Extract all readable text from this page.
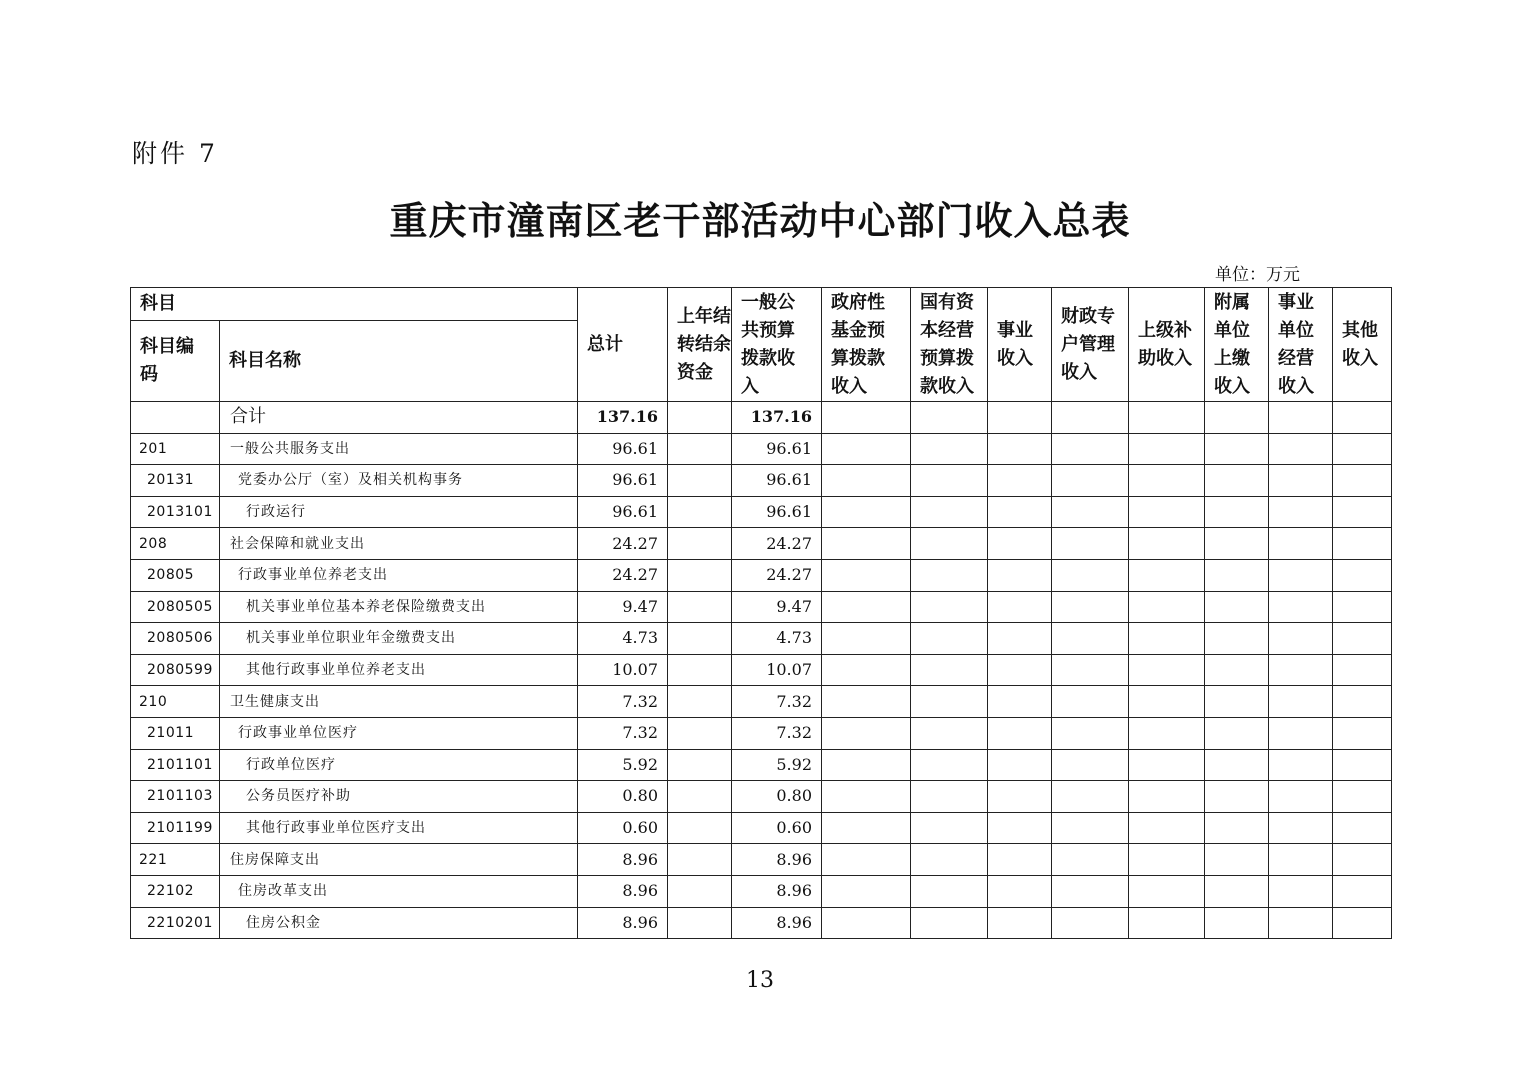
附件 7
重庆市潼南区老干部活动中心部门收入总表
单位：万元
科目		总计	上年结转结余资金	一般公共预算拨款收入	政府性基金预算拨款收入	国有资本经营预算拨款收入	事业收入	财政专户管理收入	上级补助收入	附属单位上缴收入	事业单位经营收入	其他收入

科目编码	科目名称											
	合计	137.16		137.16								
201	一般公共服务支出	96.61		96.61								
20131	党委办公厅（室）及相关机构事务	96.61		96.61								
2013101	行政运行	96.61		96.61								
208	社会保障和就业支出	24.27		24.27								
20805	行政事业单位养老支出	24.27		24.27								
2080505	机关事业单位基本养老保险缴费支出	9.47		9.47								
2080506	机关事业单位职业年金缴费支出	4.73		4.73								
2080599	其他行政事业单位养老支出	10.07		10.07								
210	卫生健康支出	7.32		7.32								
21011	行政事业单位医疗	7.32		7.32								
2101101	行政单位医疗	5.92		5.92								
2101103	公务员医疗补助	0.80		0.80								
2101199	其他行政事业单位医疗支出	0.60		0.60								
221	住房保障支出	8.96		8.96								
22102	住房改革支出	8.96		8.96								
2210201	住房公积金	8.96		8.96								
13
